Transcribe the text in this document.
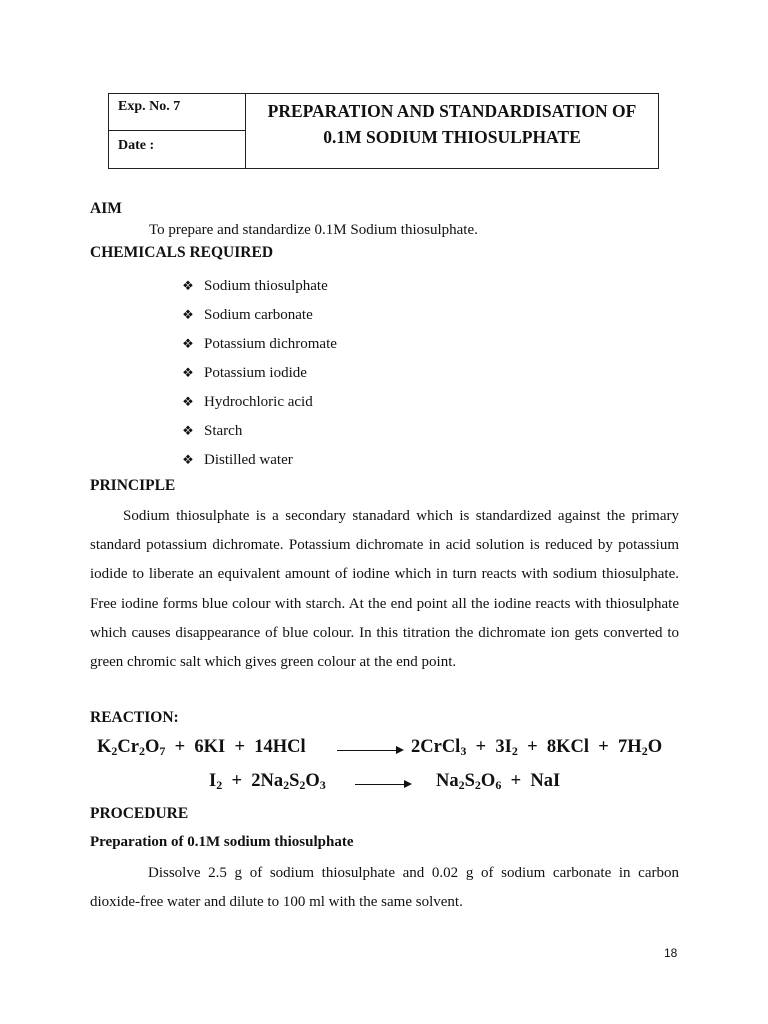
Exp. No. 7
Date :
PREPARATION AND STANDARDISATION OF
0.1M SODIUM THIOSULPHATE
AIM
To prepare and standardize 0.1M Sodium thiosulphate.
CHEMICALS REQUIRED
❖ Sodium thiosulphate
❖ Sodium carbonate
❖ Potassium dichromate
❖ Potassium iodide
❖ Hydrochloric acid
❖ Starch
❖ Distilled water
PRINCIPLE
Sodium thiosulphate is a secondary stanadard which is standardized against the primary standard potassium dichromate. Potassium dichromate in acid solution is reduced by potassium iodide to liberate an equivalent amount of iodine which in turn reacts with sodium thiosulphate. Free iodine forms blue colour with starch. At the end point all the iodine reacts with thiosulphate which causes disappearance of blue colour. In this titration the dichromate ion gets converted to green chromic salt which gives green colour at the end point.
REACTION:
$K_2Cr_2O_7 + 6KI + 14HCl$	2CrCl$_3$  +  $3I_2 + 8KCl + 7H_2O$
$I_2 + 2Na_2S_2O_3$	$Na_2S_2O_6$  +  NaI
PROCEDURE
Preparation of 0.1M sodium thiosulphate
Dissolve 2.5 g of sodium thiosulphate and 0.02 g of sodium carbonate in carbon dioxide-free water and dilute to 100 ml with the same solvent.
18
